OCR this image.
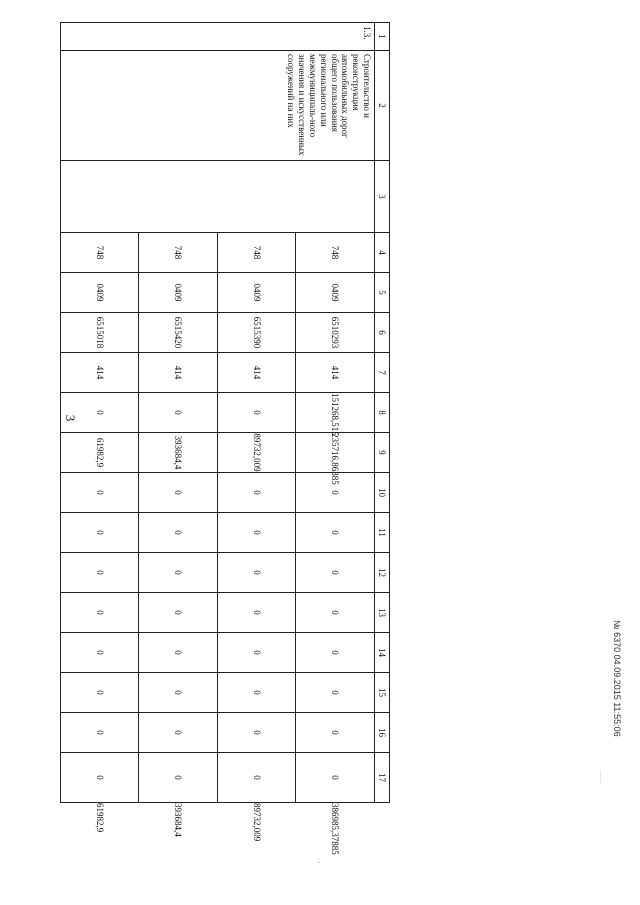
3
1	2	3	4	5	6	7	8	9	10	11	12	13	14	15	16	17	
1.3.	Строительство и реконструкция автомобильных дорог общего пользования регионального или межмуниципаль-ного значения и искусственных сооружений на них		748	0409	6510293	414	151268,515	235716,86385	0	0	0	0	0	0	0	0	386985,37885
			748	0409	6515390	414	0	89732,009	0	0	0	0	0	0	0	0	89732,009
			748	0409	6515420	414	0	393684,4	0	0	0	0	0	0	0	0	393684,4
			748	0409	6515018	414	0	61982,9	0	0	0	0	0	0	0	0	61982,9
№ 6370 04.09.2015 11:55:06
........
